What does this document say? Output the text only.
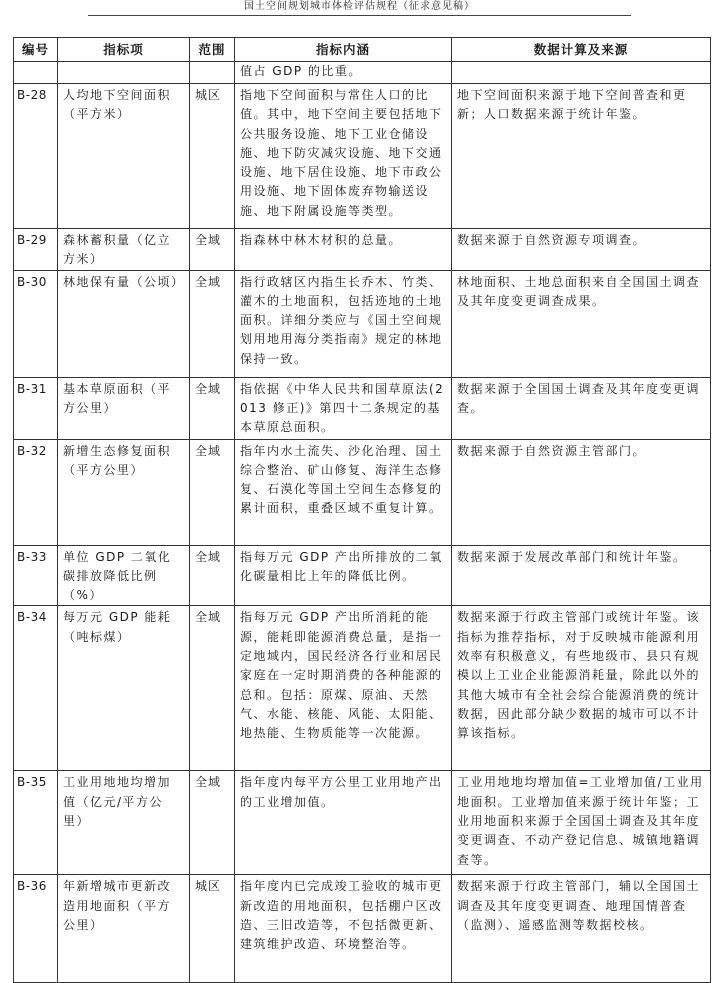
国土空间规划城市体检评估规程（征求意见稿）
编号	指标项	范围	指标内涵	数据计算及来源

			值占 GDP 的比重。	

B-28	人均地下空间面积（平方米）	城区	指地下空间面积与常住人口的比值。其中，地下空间主要包括地下公共服务设施、地下工业仓储设施、地下防灾减灾设施、地下交通设施、地下居住设施、地下市政公用设施、地下固体废弃物输送设施、地下附属设施等类型。	地下空间面积来源于地下空间普查和更新；人口数据来源于统计年鉴。

B-29	森林蓄积量（亿立方米）	全域	指森林中林木材积的总量。	数据来源于自然资源专项调查。

B-30	林地保有量（公顷）	全域	指行政辖区内指生长乔木、竹类、灌木的土地面积，包括迹地的土地面积。详细分类应与《国土空间规划用地用海分类指南》规定的林地保持一致。	林地面积、土地总面积来自全国国土调查及其年度变更调查成果。

B-31	基本草原面积（平方公里）	全域	指依据《中华人民共和国草原法(2013 修正)》第四十二条规定的基本草原总面积。	数据来源于全国国土调查及其年度变更调查。

B-32	新增生态修复面积（平方公里）	全域	指年内水土流失、沙化治理、国土综合整治、矿山修复、海洋生态修复、石漠化等国土空间生态修复的累计面积，重叠区域不重复计算。	数据来源于自然资源主管部门。

B-33	单位 GDP 二氧化碳排放降低比例（%）	全域	指每万元 GDP 产出所排放的二氧化碳量相比上年的降低比例。	数据来源于发展改革部门和统计年鉴。

B-34	每万元 GDP 能耗（吨标煤）	全域	指每万元 GDP 产出所消耗的能源，能耗即能源消费总量，是指一定地域内，国民经济各行业和居民家庭在一定时期消费的各种能源的总和。包括：原煤、原油、天然气、水能、核能、风能、太阳能、地热能、生物质能等一次能源。	数据来源于行政主管部门或统计年鉴。该指标为推荐指标，对于反映城市能源利用效率有积极意义，有些地级市、县只有规模以上工业企业能源消耗量，除此以外的其他大城市有全社会综合能源消费的统计数据，因此部分缺少数据的城市可以不计算该指标。

B-35	工业用地地均增加值（亿元/平方公里）	全域	指年度内每平方公里工业用地产出的工业增加值。	工业用地地均增加值=工业增加值/工业用地面积。工业增加值来源于统计年鉴；工业用地面积来源于全国国土调查及其年度变更调查、不动产登记信息、城镇地籍调查等。

B-36	年新增城市更新改造用地面积（平方公里）	城区	指年度内已完成竣工验收的城市更新改造的用地面积，包括棚户区改造、三旧改造等，不包括微更新、建筑维护改造、环境整治等。	数据来源于行政主管部门，辅以全国国土调查及其年度变更调查、地理国情普查（监测）、遥感监测等数据校核。
